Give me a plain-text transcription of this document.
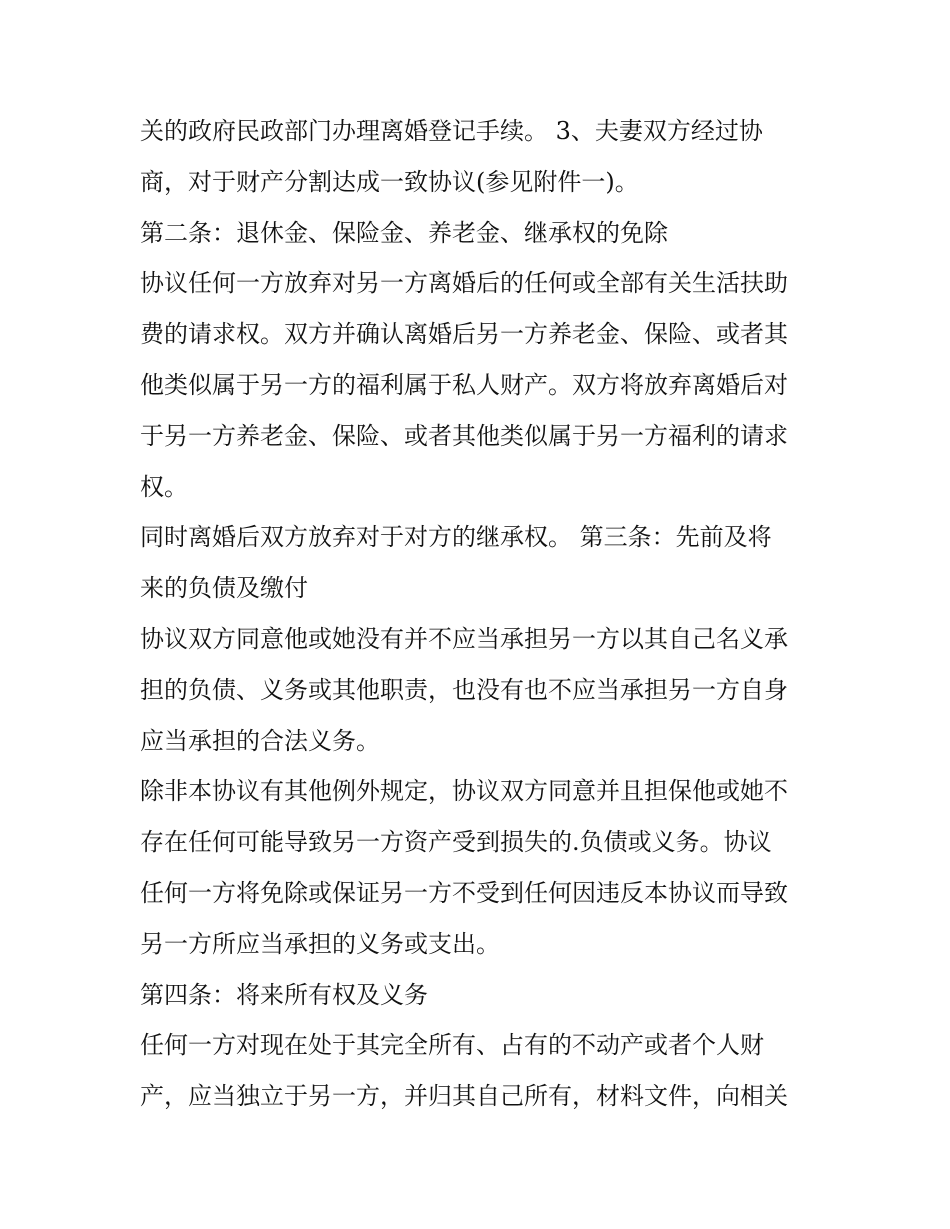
关的政府民政部门办理离婚登记手续。 3、夫妻双方经过协
商，对于财产分割达成一致协议(参见附件一)。
第二条：退休金、保险金、养老金、继承权的免除
协议任何一方放弃对另一方离婚后的任何或全部有关生活扶助
费的请求权。双方并确认离婚后另一方养老金、保险、或者其
他类似属于另一方的福利属于私人财产。双方将放弃离婚后对
于另一方养老金、保险、或者其他类似属于另一方福利的请求
权。
同时离婚后双方放弃对于对方的继承权。 第三条：先前及将
来的负债及缴付
协议双方同意他或她没有并不应当承担另一方以其自己名义承
担的负债、义务或其他职责，也没有也不应当承担另一方自身
应当承担的合法义务。
除非本协议有其他例外规定，协议双方同意并且担保他或她不
存在任何可能导致另一方资产受到损失的.负债或义务。协议
任何一方将免除或保证另一方不受到任何因违反本协议而导致
另一方所应当承担的义务或支出。
第四条：将来所有权及义务
任何一方对现在处于其完全所有、占有的不动产或者个人财
产，应当独立于另一方，并归其自己所有，材料文件，向相关
